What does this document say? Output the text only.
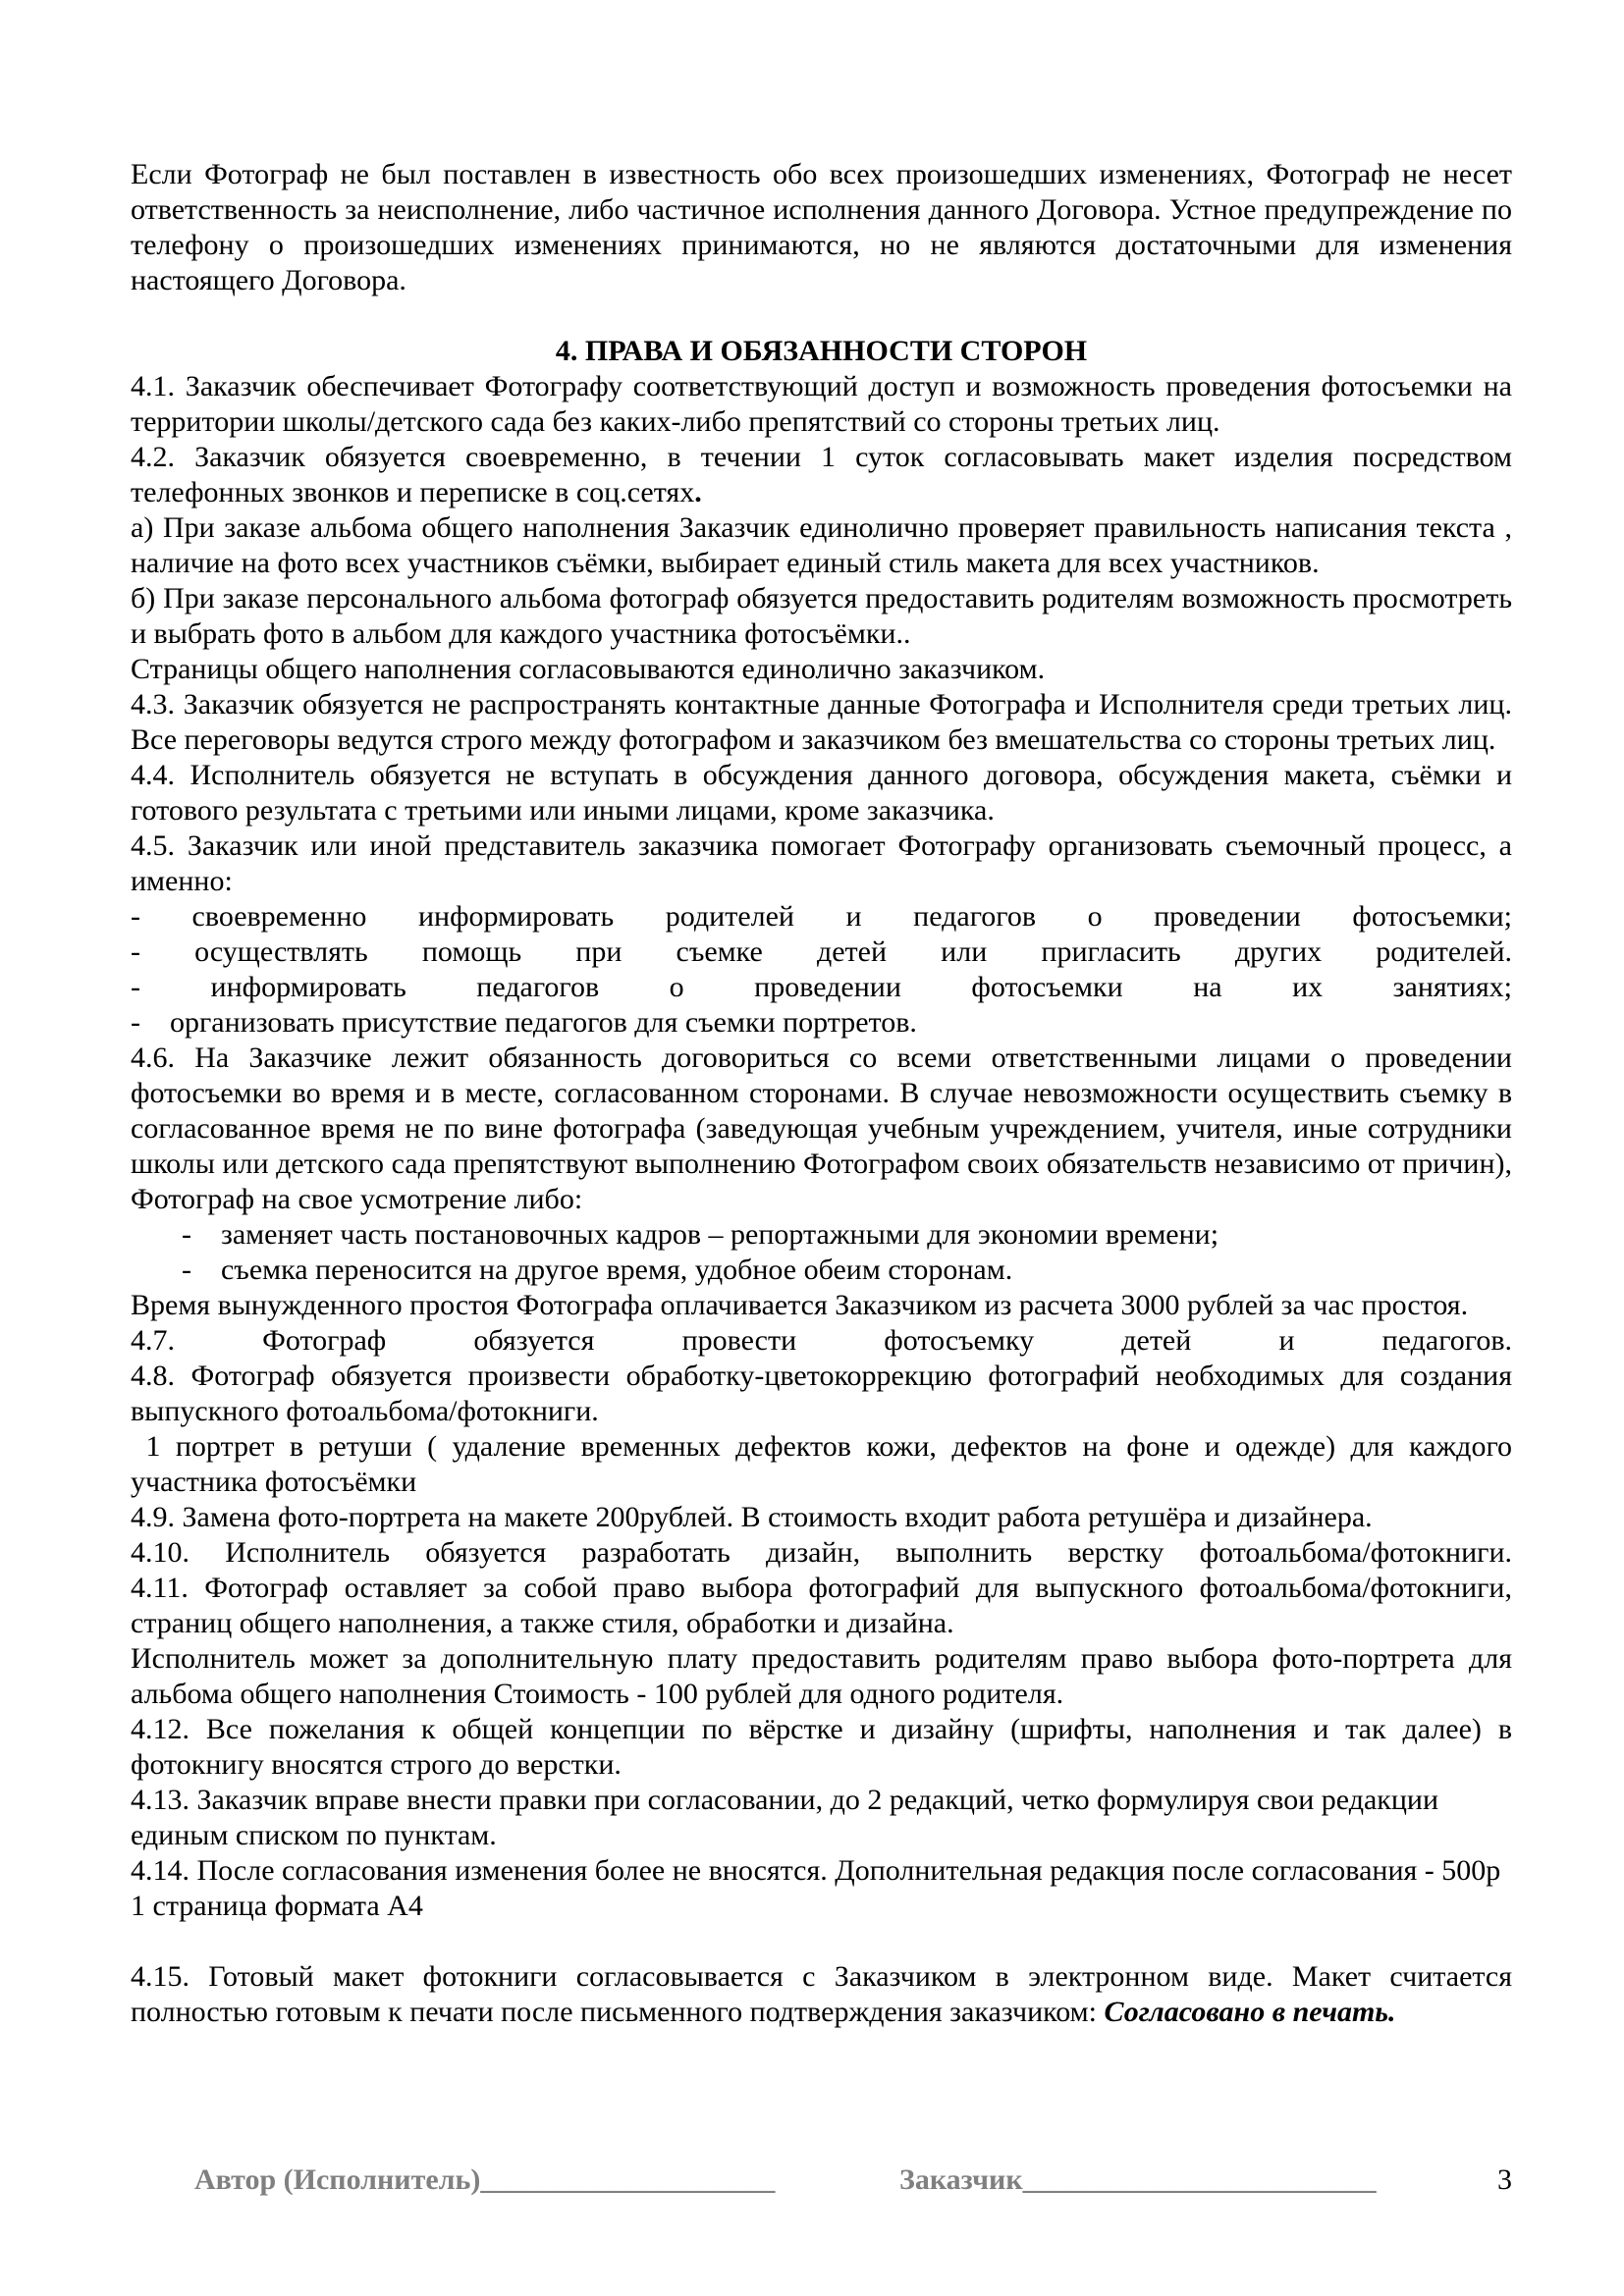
Если Фотограф не был поставлен в известность обо всех произошедших изменениях, Фотограф не несет ответственность за неисполнение, либо частичное исполнения данного Договора. Устное предупреждение по телефону о произошедших изменениях принимаются, но не являются достаточными для изменения настоящего Договора.

4. ПРАВА И ОБЯЗАННОСТИ СТОРОН

4.1. Заказчик обеспечивает Фотографу соответствующий доступ и возможность проведения фотосъемки на территории школы/детского сада без каких-либо препятствий со стороны третьих лиц.

4.2. Заказчик обязуется своевременно, в течении 1 суток согласовывать макет изделия посредством телефонных звонков и переписке в соц.сетях.

а) При заказе альбома общего наполнения Заказчик единолично проверяет правильность написания текста , наличие на фото всех участников съёмки, выбирает единый стиль макета для всех участников.

б) При заказе персонального альбома фотограф обязуется предоставить родителям возможность просмотреть и выбрать фото в альбом для каждого участника фотосъёмки..

Страницы общего наполнения согласовываются единолично заказчиком.

4.3. Заказчик обязуется не распространять контактные данные Фотографа и Исполнителя среди третьих лиц. Все переговоры ведутся строго между фотографом и заказчиком без вмешательства со стороны третьих лиц.

4.4. Исполнитель обязуется не вступать в обсуждения данного договора, обсуждения макета, съёмки и готового результата с третьими или иными лицами, кроме заказчика.

4.5. Заказчик или иной представитель заказчика помогает Фотографу организовать съемочный процесс, а именно:

- своевременно информировать родителей и педагогов о проведении фотосъемки;

- осуществлять помощь при съемке детей или пригласить других родителей.

- информировать педагогов о проведении фотосъемки на их занятиях;

-    организовать присутствие педагогов для съемки портретов.

4.6. На Заказчике лежит обязанность договориться со всеми ответственными лицами о проведении фотосъемки во время и в месте, согласованном сторонами. В случае невозможности осуществить съемку в согласованное время не по вине фотографа (заведующая учебным учреждением, учителя, иные сотрудники школы или детского сада препятствуют выполнению Фотографом своих обязательств независимо от причин), Фотограф на свое усмотрение либо:

-    заменяет часть постановочных кадров – репортажными для экономии времени;

-    съемка переносится на другое время, удобное обеим сторонам.

Время вынужденного простоя Фотографа оплачивается Заказчиком из расчета 3000 рублей за час простоя.

4.7. Фотограф обязуется провести фотосъемку детей и педагогов.

4.8. Фотограф обязуется произвести обработку-цветокоррекцию фотографий необходимых для создания выпускного фотоальбома/фотокниги.

1 портрет в ретуши ( удаление временных дефектов кожи, дефектов на фоне и одежде) для каждого участника фотосъёмки

4.9. Замена фото-портрета на макете 200рублей. В стоимость входит работа ретушёра и дизайнера.

4.10. Исполнитель обязуется разработать дизайн, выполнить верстку фотоальбома/фотокниги.

4.11. Фотограф оставляет за собой право выбора фотографий для выпускного фотоальбома/фотокниги, страниц общего наполнения, а также стиля, обработки и дизайна.

Исполнитель может за дополнительную плату предоставить родителям право выбора фото-портрета для альбома общего наполнения Стоимость - 100 рублей для одного родителя.

4.12. Все пожелания к общей концепции по вёрстке и дизайну (шрифты, наполнения и так далее) в фотокнигу вносятся строго до верстки.

4.13. Заказчик вправе внести правки при согласовании, до 2 редакций, четко формулируя свои редакции единым списком по пунктам.

4.14. После согласования изменения более не вносятся. Дополнительная редакция после согласования - 500р 1 страница формата А4

4.15. Готовый макет фотокниги согласовывается с Заказчиком в электронном виде. Макет считается полностью готовым к печати после письменного подтверждения заказчиком: Согласовано в печать.

Автор (Исполнитель)____________________	Заказчик________________________	3
